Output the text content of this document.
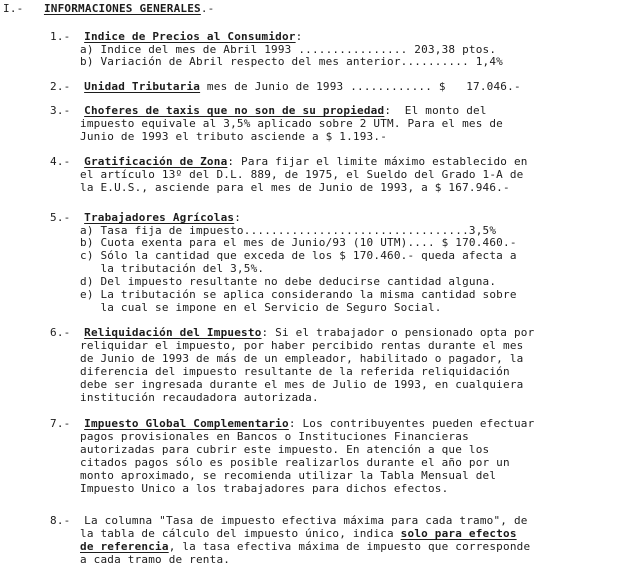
I.- INFORMACIONES GENERALES.-
1.- Indice de Precios al Consumidor:
a) Indice del mes de Abril 1993 ................ 203,38 ptos.
b) Variación de Abril respecto del mes anterior.......... 1,4%
2.- Unidad Tributaria mes de Junio de 1993 ............ $   17.046.-
3.- Choferes de taxis que no son de su propiedad:  El monto del
impuesto equivale al 3,5% aplicado sobre 2 UTM. Para el mes de
Junio de 1993 el tributo asciende a $ 1.193.-
4.- Gratificación de Zona: Para fijar el limite máximo establecido en
el artículo 13º del D.L. 889, de 1975, el Sueldo del Grado 1-A de
la E.U.S., asciende para el mes de Junio de 1993, a $ 167.946.-
5.- Trabajadores Agrícolas:
a) Tasa fija de impuesto.................................3,5%
b) Cuota exenta para el mes de Junio/93 (10 UTM).... $ 170.460.-
c) Sólo la cantidad que exceda de los $ 170.460.- queda afecta a
la tributación del 3,5%.
d) Del impuesto resultante no debe deducirse cantidad alguna.
e) La tributación se aplica considerando la misma cantidad sobre
la cual se impone en el Servicio de Seguro Social.
6.- Reliquidación del Impuesto: Si el trabajador o pensionado opta por
reliquidar el impuesto, por haber percibido rentas durante el mes
de Junio de 1993 de más de un empleador, habilitado o pagador, la
diferencia del impuesto resultante de la referida reliquidación
debe ser ingresada durante el mes de Julio de 1993, en cualquiera
institución recaudadora autorizada.
7.- Impuesto Global Complementario: Los contribuyentes pueden efectuar
pagos provisionales en Bancos o Instituciones Financieras
autorizadas para cubrir este impuesto. En atención a que los
citados pagos sólo es posible realizarlos durante el año por un
monto aproximado, se recomienda utilizar la Tabla Mensual del
Impuesto Unico a los trabajadores para dichos efectos.
8.- La columna "Tasa de impuesto efectiva máxima para cada tramo", de
la tabla de cálculo del impuesto único, indica solo para efectos
de referencia, la tasa efectiva máxima de impuesto que corresponde
a cada tramo de renta.
